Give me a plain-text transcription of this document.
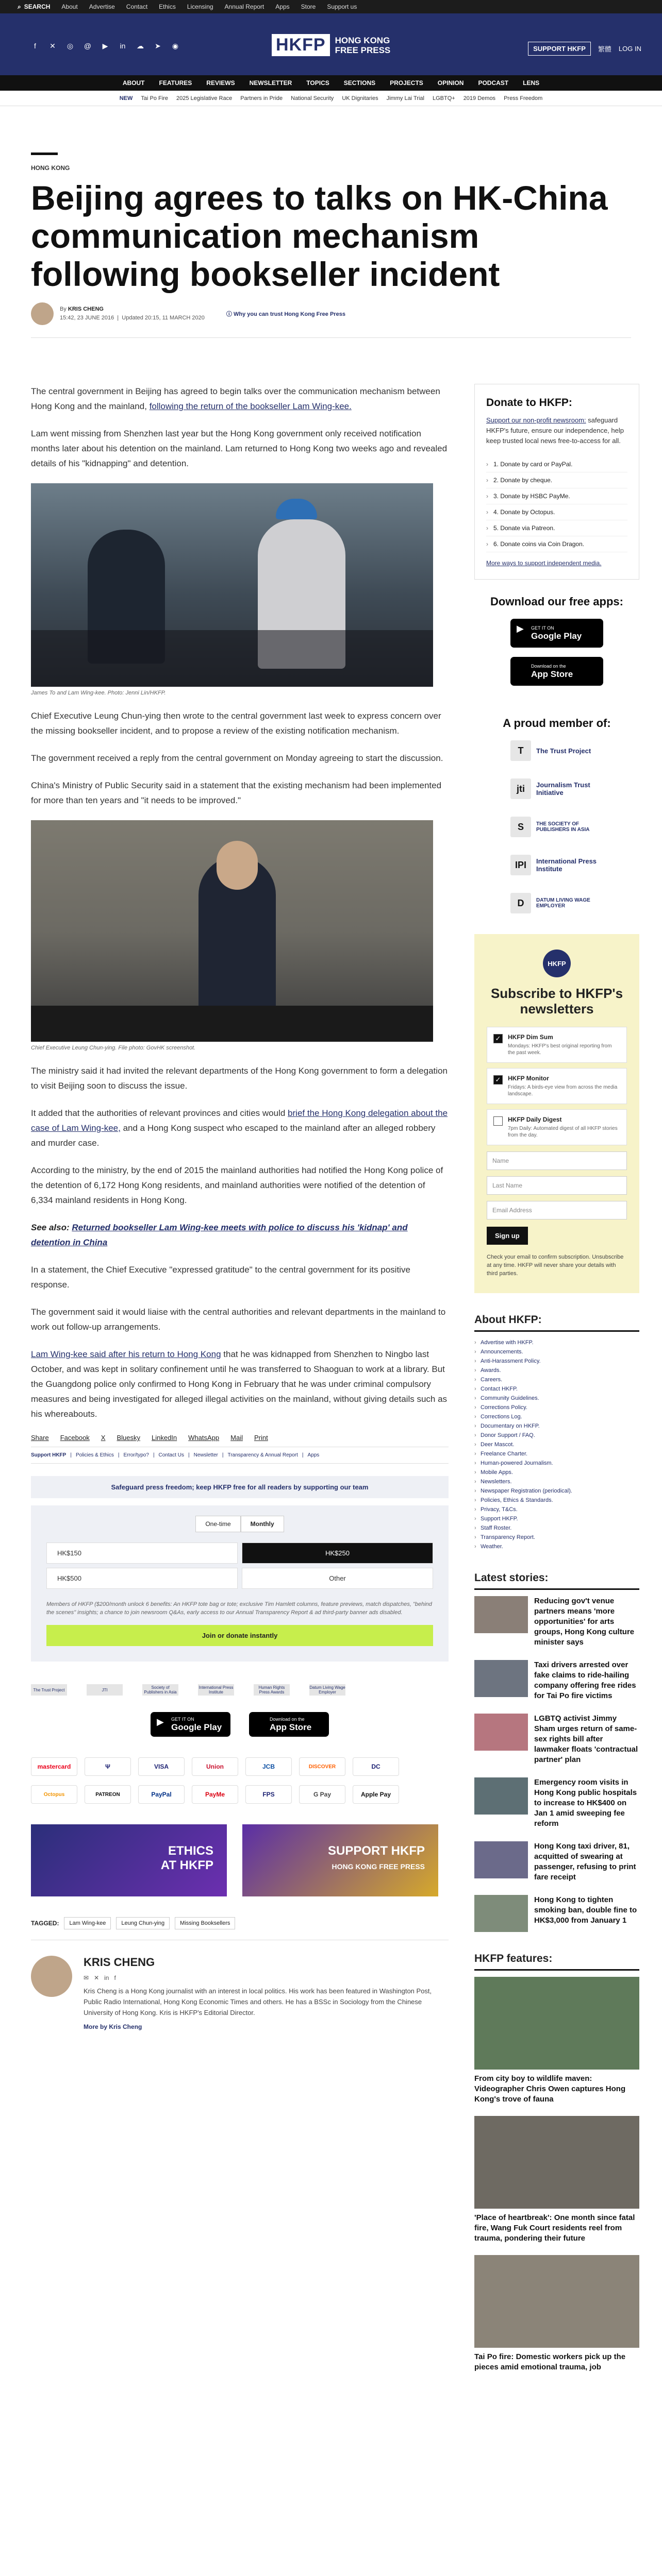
⌕ SEARCH About Advertise Contact Ethics Licensing Annual Report Apps Store Support us
f	✕ ◎ @ ▶ in ☁ ➤ ◉	HKFP	HONG KONG
FREE PRESS	SUPPORT HKFP	繁體 LOG IN
ABOUT FEATURES REVIEWS NEWSLETTER TOPICS SECTIONS PROJECTS OPINION PODCAST LENS
NEW Tai Po Fire 2025 Legislative Race Partners in Pride National Security UK Dignitaries Jimmy Lai Trial LGBTQ+ 2019 Demos Press Freedom
HONG KONG
Beijing agrees to talks on HK-China communication mechanism following bookseller incident
By KRIS CHENG
15:42, 23 JUNE 2016  |  Updated 20:15, 11 MARCH 2020
ⓘ Why you can trust Hong Kong Free Press

The central government in Beijing has agreed to begin talks over the communication mechanism between Hong Kong and the mainland, following the return of the bookseller Lam Wing-kee.

Lam went missing from Shenzhen last year but the Hong Kong government only received notification months later about his detention on the mainland. Lam returned to Hong Kong two weeks ago and revealed details of his "kidnapping" and detention.

James To and Lam Wing-kee. Photo: Jenni Lin/HKFP.

Chief Executive Leung Chun-ying then wrote to the central government last week to express concern over the missing bookseller incident, and to propose a review of the existing notification mechanism.

The government received a reply from the central government on Monday agreeing to start the discussion.

China's Ministry of Public Security said in a statement that the existing mechanism had been implemented for more than ten years and "it needs to be improved."

Chief Executive Leung Chun-ying. File photo: GovHK screenshot.

The ministry said it had invited the relevant departments of the Hong Kong government to form a delegation to visit Beijing soon to discuss the issue.

It added that the authorities of relevant provinces and cities would brief the Hong Kong delegation about the case of Lam Wing-kee, and a Hong Kong suspect who escaped to the mainland after an alleged robbery and murder case.

According to the ministry, by the end of 2015 the mainland authorities had notified the Hong Kong police of the detention of 6,172 Hong Kong residents, and mainland authorities were notified of the detention of 6,334 mainland residents in Hong Kong.

See also: Returned bookseller Lam Wing-kee meets with police to discuss his 'kidnap' and detention in China

In a statement, the Chief Executive "expressed gratitude" to the central government for its positive response.

The government said it would liaise with the central authorities and relevant departments in the mainland to work out follow-up arrangements.

Lam Wing-kee said after his return to Hong Kong that he was kidnapped from Shenzhen to Ningbo last October, and was kept in solitary confinement until he was transferred to Shaoguan to work at a library. But the Guangdong police only confirmed to Hong Kong in February that he was under criminal compulsory measures and being investigated for alleged illegal activities on the mainland, without giving details such as his whereabouts.

Share Facebook X Bluesky LinkedIn WhatsApp Mail Print
Support HKFP | Policies & Ethics | Error/typo? | Contact Us | Newsletter | Transparency & Annual Report | Apps
Safeguard press freedom; keep HKFP free for all readers by supporting our team
One-time	Monthly
HK$150	HK$250
HK$500	Other
Members of HKFP ($200/month unlock 6 benefits: An HKFP tote bag or tote; exclusive Tim Hamlett columns, feature previews, match dispatches, "behind the scenes" insights; a chance to join newsroom Q&As, early access to our Annual Transparency Report & ad third-party banner ads disabled.
Join or donate instantly
The Trust Project	JTI	Society of Publishers in Asia
International Press Institute
Human Rights Press Awards
Datum Living Wage Employer
▶ GET IT ON
Google Play
Download on the
App Store
mastercard	Ψ	VISA	Union	JCB	DISCOVER	DC
Octopus	PATREON	PayPal	PayMe	FPS	G Pay	Apple Pay
ETHICS
AT HKFP
SUPPORT HKFP
HONG KONG FREE PRESS
TAGGED:	Lam Wing-kee	Leung Chun-ying	Missing Booksellers
KRIS CHENG
✉ ✕ in f

Kris Cheng is a Hong Kong journalist with an interest in local politics. His work has been featured in Washington Post, Public Radio International, Hong Kong Economic Times and others. He has a BSSc in Sociology from the Chinese University of Hong Kong. Kris is HKFP's Editorial Director.

More by Kris Cheng
Donate to HKFP:
Support our non-profit newsroom: safeguard HKFP's future, ensure our independence, help keep trusted local news free-to-access for all.
› 1. Donate by card or PayPal.
› 2. Donate by cheque.
› 3. Donate by HSBC PayMe.
› 4. Donate by Octopus.
› 5. Donate via Patreon.
› 6. Donate coins via Coin Dragon.
More ways to support independent media.
Download our free apps:
▶ GET IT ON
Google Play
Download on the
App Store
A proud member of:
T	The Trust Project
jti	Journalism Trust Initiative
S	THE SOCIETY OF PUBLISHERS IN ASIA
IPI	International Press Institute
D	DATUM LIVING WAGE EMPLOYER
HKFP
Subscribe to HKFP's newsletters
✓ HKFP Dim Sum
Mondays: HKFP's best original reporting from the past week.
✓ HKFP Monitor
Fridays: A birds-eye view from across the media landscape.
HKFP Daily Digest
7pm Daily: Automated digest of all HKFP stories from the day.
Name
Last Name
Email Address
Sign up
Check your email to confirm subscription. Unsubscribe at any time. HKFP will never share your details with third parties.
About HKFP:
› Advertise with HKFP.
› Announcements.
› Anti-Harassment Policy.
› Awards.
› Careers.
› Contact HKFP.
› Community Guidelines.
› Corrections Policy.
› Corrections Log.
› Documentary on HKFP.
› Donor Support / FAQ.
› Deer Mascot.
› Freelance Charter.
› Human-powered Journalism.
› Mobile Apps.
› Newsletters.
› Newspaper Registration (periodical).
› Policies, Ethics & Standards.
› Privacy, T&Cs.
› Support HKFP.
› Staff Roster.
› Transparency Report.
› Weather.
Latest stories:
Reducing gov't venue partners means 'more opportunities' for arts groups, Hong Kong culture minister says
Taxi drivers arrested over fake claims to ride-hailing company offering free rides for Tai Po fire victims
LGBTQ activist Jimmy Sham urges return of same-sex rights bill after lawmaker floats 'contractual partner' plan
Emergency room visits in Hong Kong public hospitals to increase to HK$400 on Jan 1 amid sweeping fee reform
Hong Kong taxi driver, 81, acquitted of swearing at passenger, refusing to print fare receipt
Hong Kong to tighten smoking ban, double fine to HK$3,000 from January 1
HKFP features:
From city boy to wildlife maven: Videographer Chris Owen captures Hong Kong's trove of fauna
'Place of heartbreak': One month since fatal fire, Wang Fuk Court residents reel from trauma, pondering their future
Tai Po fire: Domestic workers pick up the pieces amid emotional trauma, job
